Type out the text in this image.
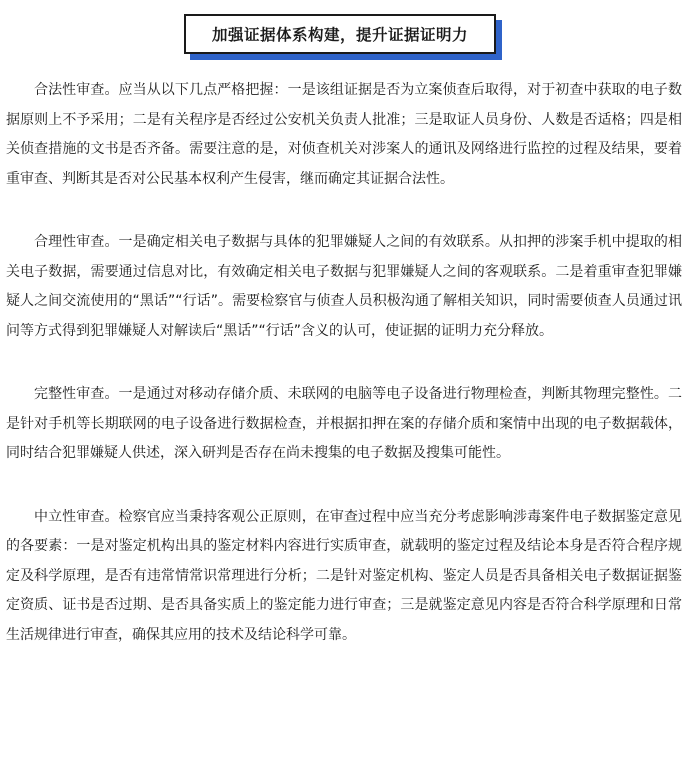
加强证据体系构建，提升证据证明力

合法性审查。应当从以下几点严格把握：一是该组证据是否为立案侦查后取得，对于初查中获取的电子数据原则上不予采用；二是有关程序是否经过公安机关负责人批准；三是取证人员身份、人数是否适格；四是相关侦查措施的文书是否齐备。需要注意的是，对侦查机关对涉案人的通讯及网络进行监控的过程及结果，要着重审查、判断其是否对公民基本权利产生侵害，继而确定其证据合法性。

合理性审查。一是确定相关电子数据与具体的犯罪嫌疑人之间的有效联系。从扣押的涉案手机中提取的相关电子数据，需要通过信息对比，有效确定相关电子数据与犯罪嫌疑人之间的客观联系。二是着重审查犯罪嫌疑人之间交流使用的“黑话”“行话”。需要检察官与侦查人员积极沟通了解相关知识，同时需要侦查人员通过讯问等方式得到犯罪嫌疑人对解读后“黑话”“行话”含义的认可，使证据的证明力充分释放。

完整性审查。一是通过对移动存储介质、未联网的电脑等电子设备进行物理检查，判断其物理完整性。二是针对手机等长期联网的电子设备进行数据检查，并根据扣押在案的存储介质和案情中出现的电子数据载体，同时结合犯罪嫌疑人供述，深入研判是否存在尚未搜集的电子数据及搜集可能性。

中立性审查。检察官应当秉持客观公正原则，在审查过程中应当充分考虑影响涉毒案件电子数据鉴定意见的各要素：一是对鉴定机构出具的鉴定材料内容进行实质审查，就载明的鉴定过程及结论本身是否符合程序规定及科学原理，是否有违常情常识常理进行分析；二是针对鉴定机构、鉴定人员是否具备相关电子数据证据鉴定资质、证书是否过期、是否具备实质上的鉴定能力进行审查；三是就鉴定意见内容是否符合科学原理和日常生活规律进行审查，确保其应用的技术及结论科学可靠。
